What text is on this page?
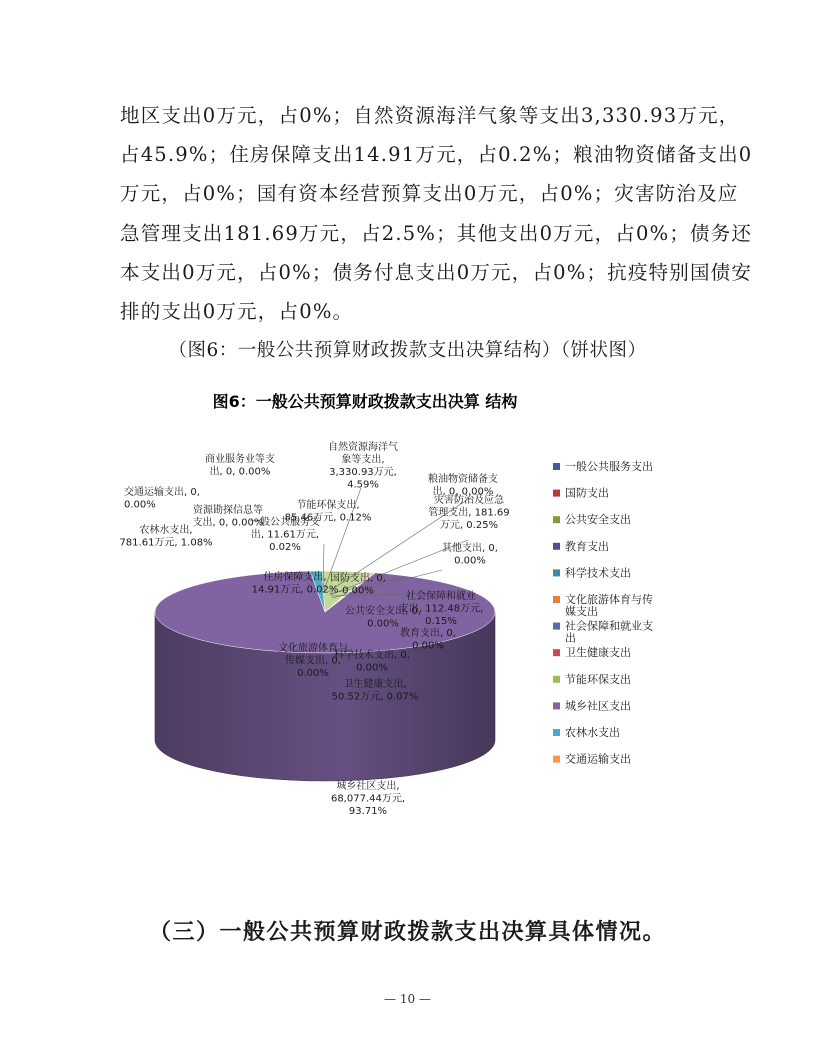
地区支出0万元，占0%；自然资源海洋气象等支出3,330.93万元，
占45.9%；住房保障支出14.91万元，占0.2%；粮油物资储备支出0
万元，占0%；国有资本经营预算支出0万元，占0%；灾害防治及应
急管理支出181.69万元，占2.5%；其他支出0万元，占0%；债务还
本支出0万元，占0%；债务付息支出0万元，占0%；抗疫特别国债安
排的支出0万元，占0%。

（图6：一般公共预算财政拨款支出决算结构）（饼状图）

图6：一般公共预算财政拨款支出决算 结构
自然资源海洋气象等支出, 3,330.93万元, 4.59%
商业服务业等支出, 0, 0.00%
交通运输支出, 0, 0.00%	资源勘探信息等支出, 0, 0.00%
农林水支出, 781.61万元, 1.08%
节能环保支出, 85.46万元, 0.12%
一般公共服务支出, 11.61万元, 0.02%
粮油物资储备支出, 0, 0.00%
灾害防治及应急管理支出, 181.69 万元, 0.25%
其他支出, 0, 0.00%
住房保障支出, 14.91万元, 0.02%
国防支出, 0, 0.00%	社会保障和就业支出, 112.48万元, 0.15%
公共安全支出, 0, 0.00%
教育支出, 0, 0.00%
文化旅游体育与传媒支出, 0, 0.00%
科学技术支出, 0, 0.00%
卫生健康支出, 50.52万元, 0.07%
城乡社区支出, 68,077.44万元, 93.71%
一般公共服务支出
国防支出
公共安全支出
教育支出
科学技术支出
文化旅游体育与传媒支出
社会保障和就业支出
卫生健康支出
节能环保支出
城乡社区支出
农林水支出
交通运输支出

（三）一般公共预算财政拨款支出决算具体情况。

— 10 —
